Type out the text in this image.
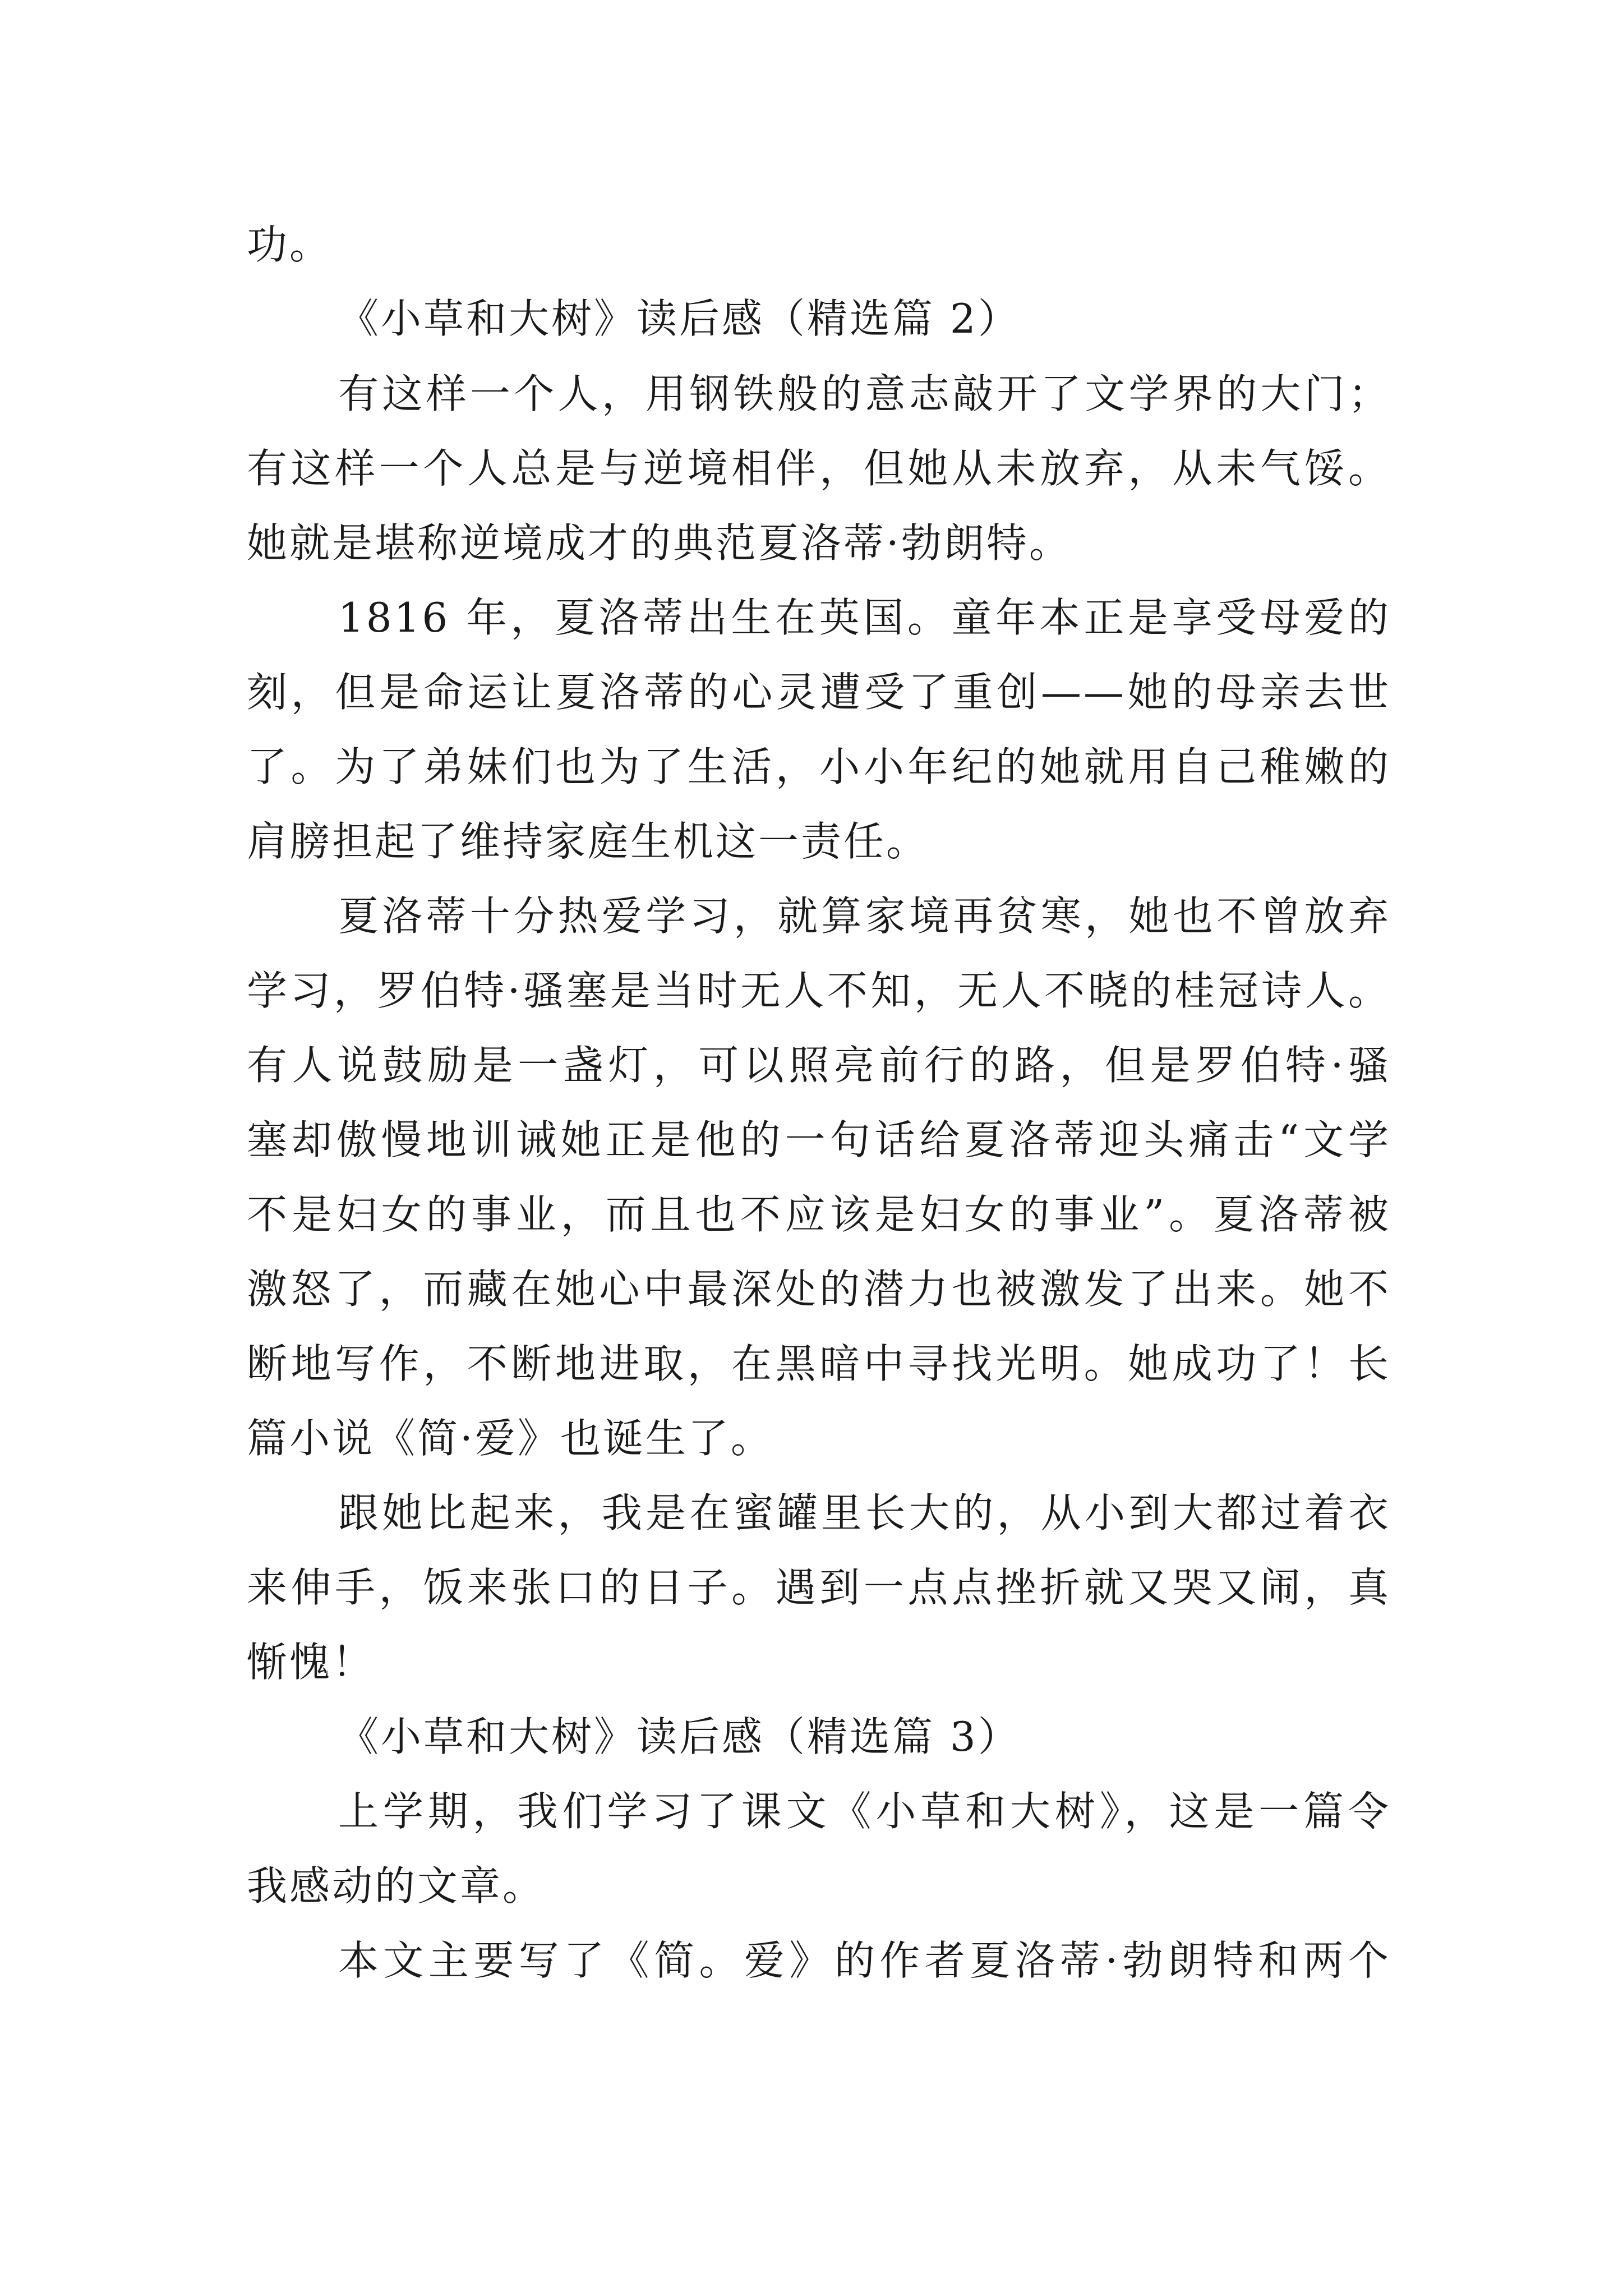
功。
《小草和大树》读后感（精选篇 2）
有这样一个人，用钢铁般的意志敲开了文学界的大门；
有这样一个人总是与逆境相伴，但她从未放弃，从未气馁。
她就是堪称逆境成才的典范夏洛蒂·勃朗特。
1816 年，夏洛蒂出生在英国。童年本正是享受母爱的
刻，但是命运让夏洛蒂的心灵遭受了重创——她的母亲去世
了。为了弟妹们也为了生活，小小年纪的她就用自己稚嫩的
肩膀担起了维持家庭生机这一责任。
夏洛蒂十分热爱学习，就算家境再贫寒，她也不曾放弃
学习，罗伯特·骚塞是当时无人不知，无人不晓的桂冠诗人。
有人说鼓励是一盏灯，可以照亮前行的路，但是罗伯特·骚
塞却傲慢地训诫她正是他的一句话给夏洛蒂迎头痛击“文学
不是妇女的事业，而且也不应该是妇女的事业”。夏洛蒂被
激怒了，而藏在她心中最深处的潜力也被激发了出来。她不
断地写作，不断地进取，在黑暗中寻找光明。她成功了！长
篇小说《简·爱》也诞生了。
跟她比起来，我是在蜜罐里长大的，从小到大都过着衣
来伸手，饭来张口的日子。遇到一点点挫折就又哭又闹，真
惭愧！
《小草和大树》读后感（精选篇 3）
上学期，我们学习了课文《小草和大树》，这是一篇令
我感动的文章。
本文主要写了《简。爱》的作者夏洛蒂·勃朗特和两个
